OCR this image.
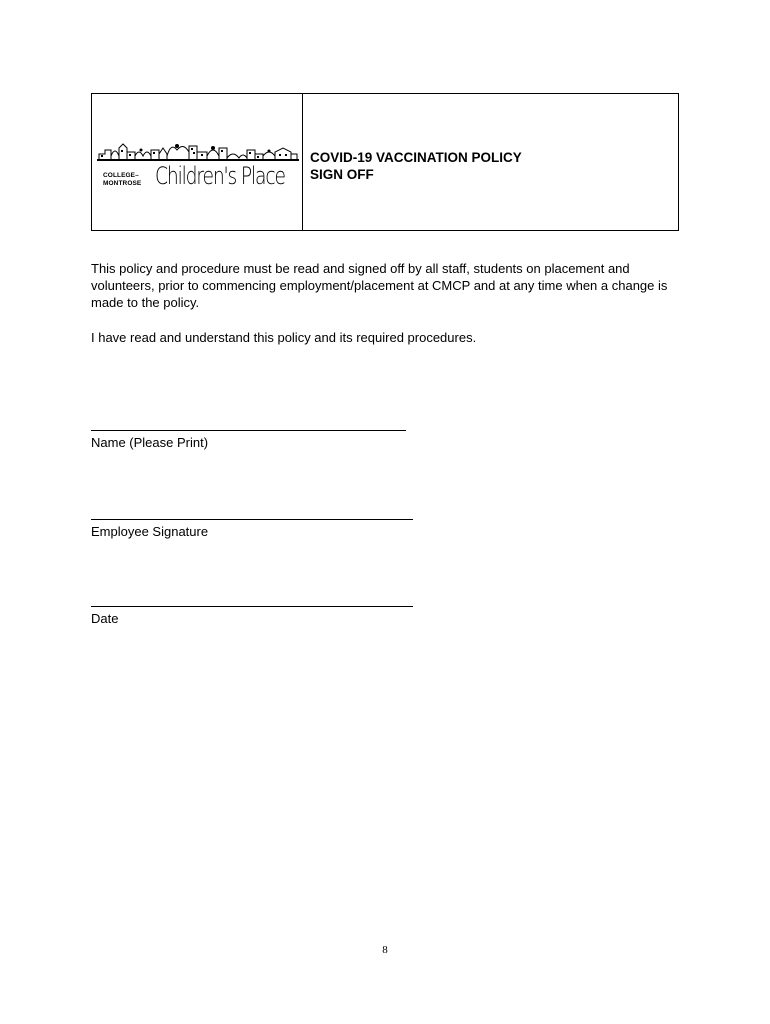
COLLEGE–
MONTROSE Children's Place
COVID-19 VACCINATION POLICY
SIGN OFF

This policy and procedure must be read and signed off by all staff, students on placement and volunteers, prior to commencing employment/placement at CMCP and at any time when a change is made to the policy.

I have read and understand this policy and its required procedures.

Name (Please Print)
Employee Signature
Date
8
